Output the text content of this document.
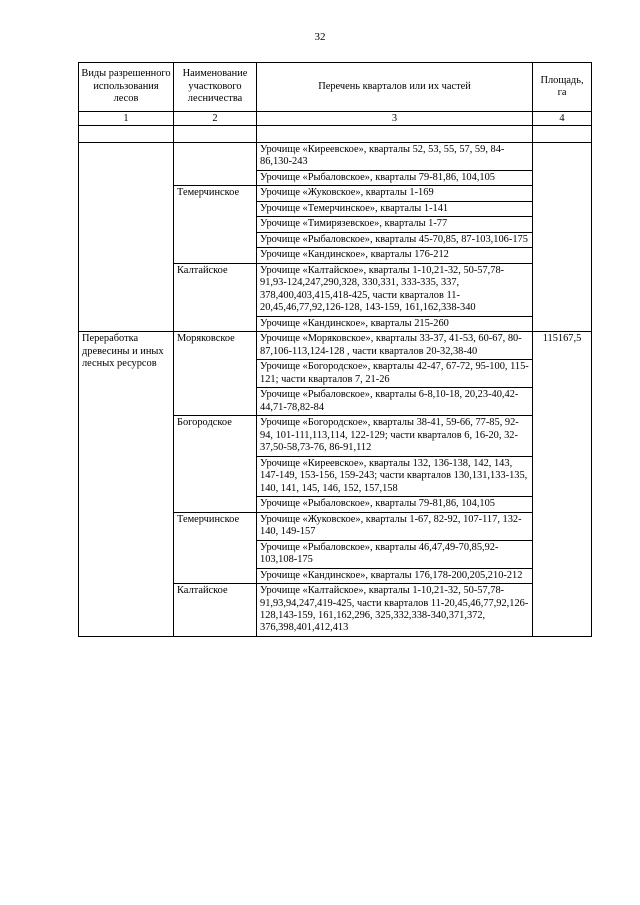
32
Виды разрешенного использования лесов	Наименование участкового лесничества	Перечень кварталов или их частей	Площадь, га
1	2	3	4

		Урочище «Киреевское», кварталы 52, 53, 55, 57, 59, 84-86,130-243	
		Урочище «Рыбаловское», кварталы 79-81,86, 104,105	
	Темерчинское	Урочище «Жуковское», кварталы 1-169	
		Урочище «Темерчинское», кварталы 1-141	
		Урочище «Тимирязевское», кварталы 1-77	
		Урочище «Рыбаловское», кварталы 45-70,85, 87-103,106-175	
		Урочище «Кандинское», кварталы 176-212	
	Калтайское	Урочище «Калтайское», кварталы 1-10,21-32, 50-57,78-91,93-124,247,290,328, 330,331, 333-335, 337, 378,400,403,415,418-425, части кварталов 11-20,45,46,77,92,126-128, 143-159, 161,162,338-340	
		Урочище «Кандинское», кварталы 215-260	
Переработка древесины и иных лесных ресурсов	Моряковское	Урочище «Моряковское», кварталы 33-37, 41-53, 60-67, 80-87,106-113,124-128 , части кварталов 20-32,38-40	115167,5
		Урочище «Богородское», кварталы 42-47, 67-72, 95-100, 115-121; части кварталов 7, 21-26	
		Урочище «Рыбаловское», кварталы 6-8,10-18, 20,23-40,42-44,71-78,82-84	
	Богородское	Урочище «Богородское», кварталы 38-41, 59-66, 77-85, 92-94, 101-111,113,114, 122-129; части кварталов 6, 16-20, 32-37,50-58,73-76, 86-91,112	
		Урочище «Киреевское», кварталы 132, 136-138, 142, 143, 147-149, 153-156, 159-243; части кварталов 130,131,133-135, 140, 141, 145, 146, 152, 157,158	
		Урочище «Рыбаловское», кварталы 79-81,86, 104,105	
	Темерчинское	Урочище «Жуковское», кварталы 1-67, 82-92, 107-117, 132-140, 149-157	
		Урочище «Рыбаловское», кварталы 46,47,49-70,85,92-103,108-175	
		Урочище «Кандинское», кварталы 176,178-200,205,210-212	
	Калтайское	Урочище «Калтайское», кварталы 1-10,21-32, 50-57,78-91,93,94,247,419-425, части кварталов 11-20,45,46,77,92,126-128,143-159, 161,162,296, 325,332,338-340,371,372, 376,398,401,412,413	
